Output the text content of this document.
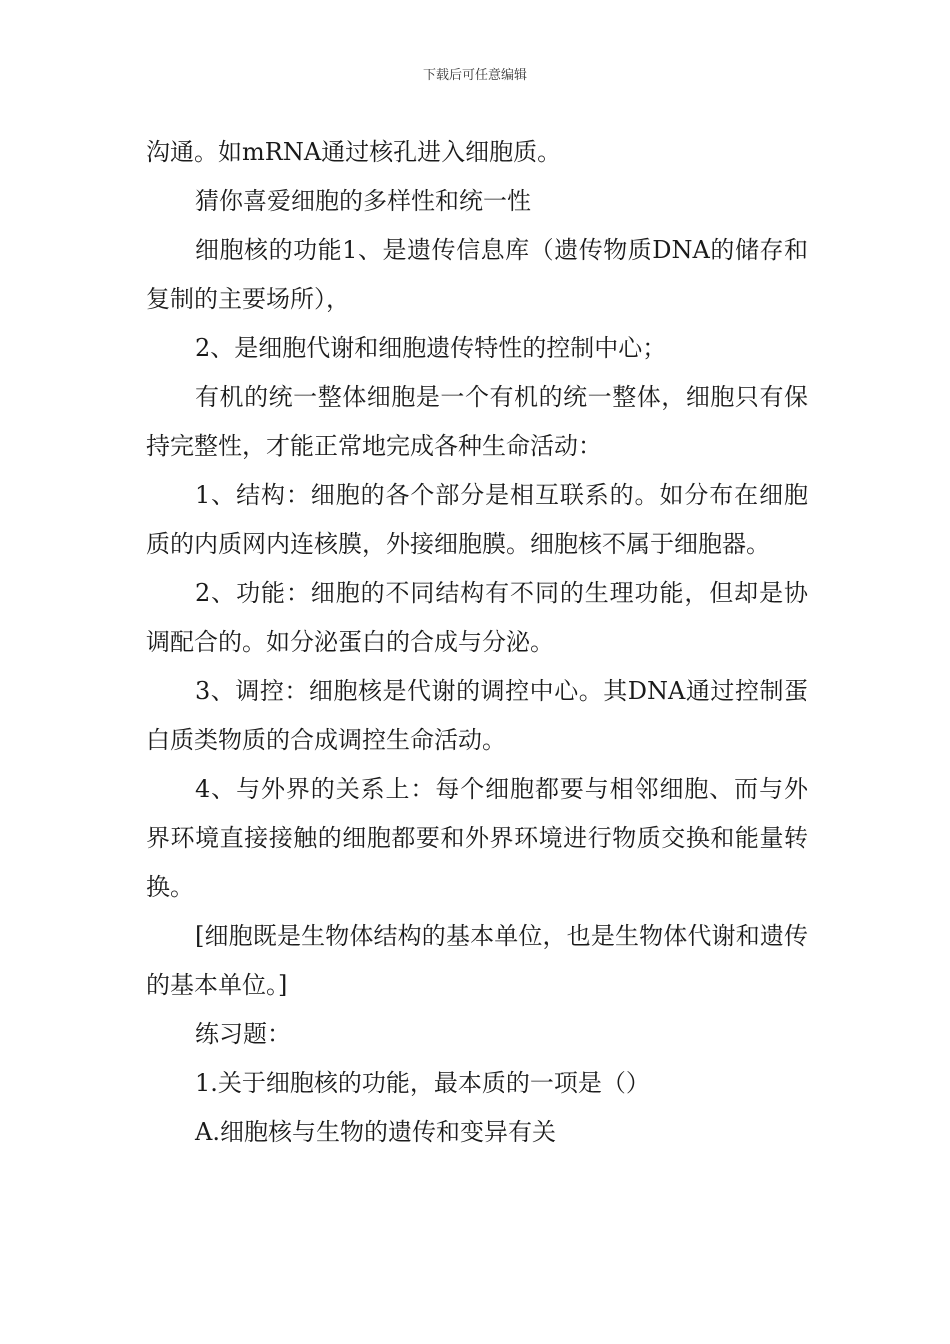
下载后可任意编辑

沟通。如mRNA通过核孔进入细胞质。

猜你喜爱细胞的多样性和统一性

细胞核的功能1、是遗传信息库（遗传物质DNA的储存和复制的主要场所），

2、是细胞代谢和细胞遗传特性的控制中心；

有机的统一整体细胞是一个有机的统一整体，细胞只有保持完整性，才能正常地完成各种生命活动：

1、结构：细胞的各个部分是相互联系的。如分布在细胞质的内质网内连核膜，外接细胞膜。细胞核不属于细胞器。

2、功能：细胞的不同结构有不同的生理功能，但却是协调配合的。如分泌蛋白的合成与分泌。

3、调控：细胞核是代谢的调控中心。其DNA通过控制蛋白质类物质的合成调控生命活动。

4、与外界的关系上：每个细胞都要与相邻细胞、而与外界环境直接接触的细胞都要和外界环境进行物质交换和能量转换。

[细胞既是生物体结构的基本单位，也是生物体代谢和遗传的基本单位。]

练习题：

1.关于细胞核的功能，最本质的一项是（）

A.细胞核与生物的遗传和变异有关
